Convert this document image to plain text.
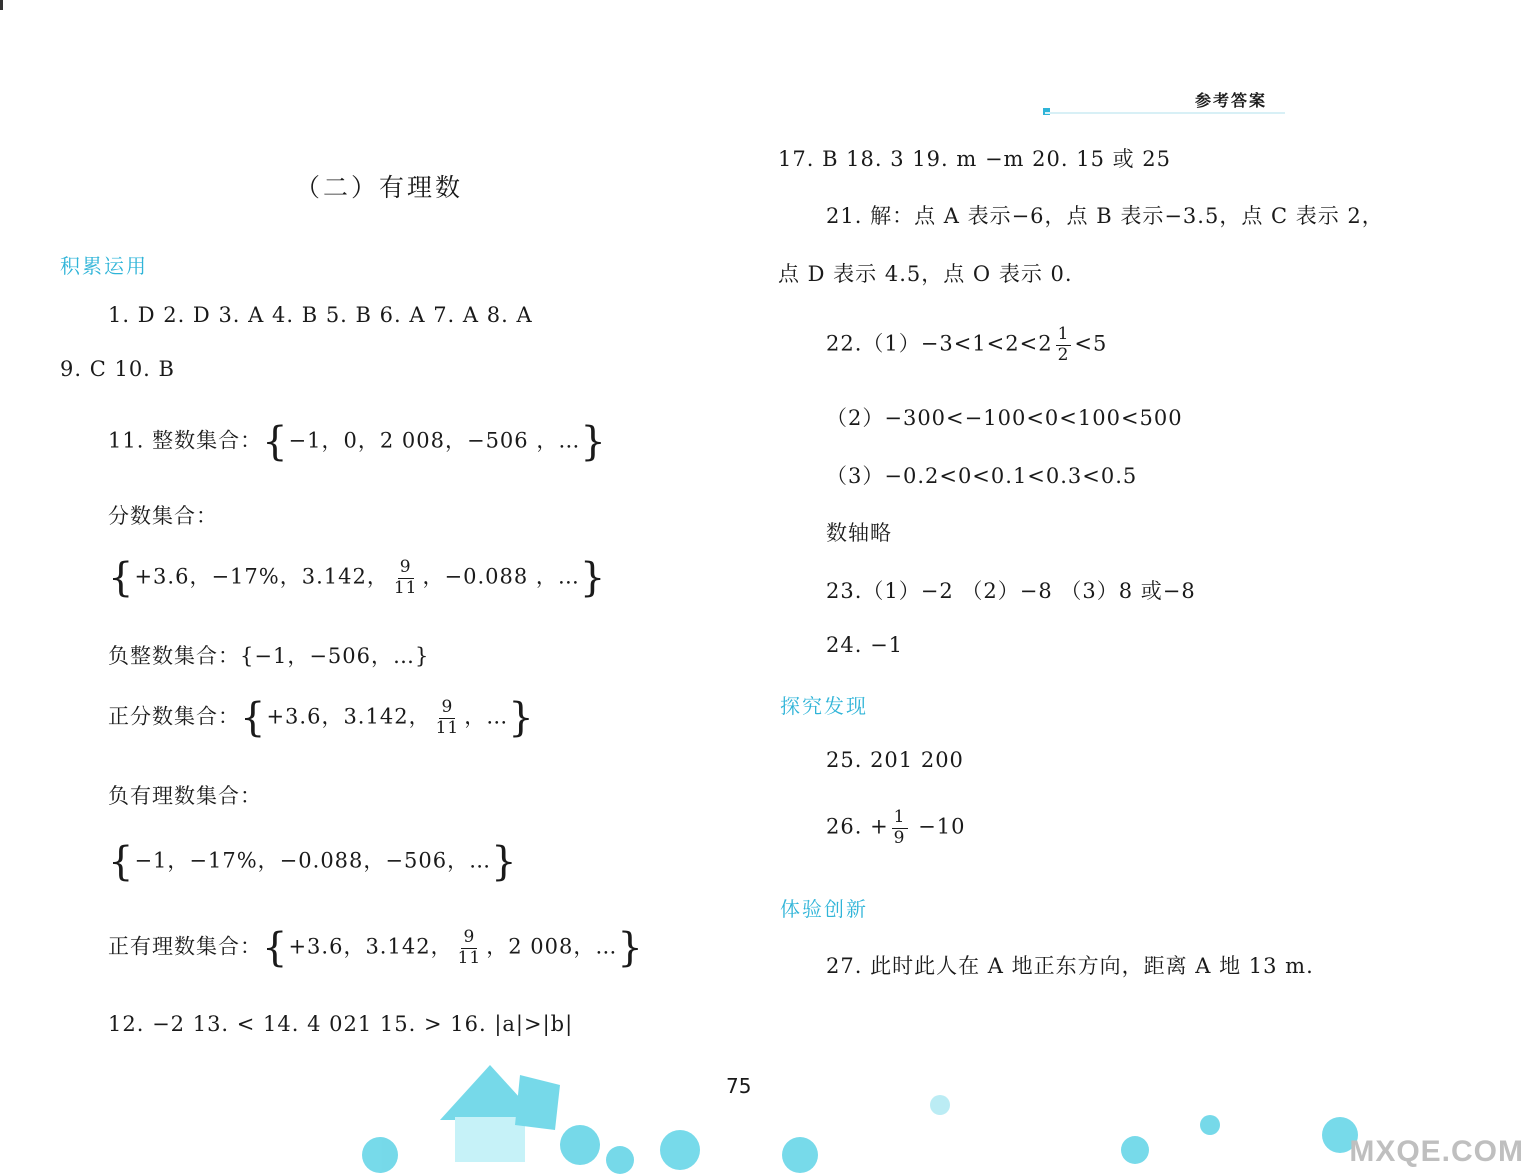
参考答案
（二）有理数
积累运用
1. D 2. D 3. A 4. B 5. B 6. A 7. A 8. A
9. C 10. B
11. 整数集合：{−1，0，2 008，−506 ，…}
分数集合：
{+3.6，−17%，3.142， $\frac{9}{11}$ ，−0.088 ，…}
负整数集合：{−1，−506，…}
正分数集合：{+3.6，3.142， $\frac{9}{11}$ ，…}
负有理数集合：
{−1，−17%，−0.088，−506，…}
正有理数集合：{+3.6，3.142， $\frac{9}{11}$ ，2 008，…}
12. −2 13. < 14. 4 021 15. > 16. |a|>|b|
17. B 18. 3 19. m −m 20. 15 或 25
21. 解：点 A 表示−6，点 B 表示−3.5，点 C 表示 2，
点 D 表示 4.5，点 O 表示 0.
$22.(1)-3<1<2<2 \frac{1}{2} <5$
（2）−300<−100<0<100<500
（3）−0.2<0<0.1<0.3<0.5
数轴略
23.（1）−2 （2）−8 （3）8 或−8
24. −1
探究发现
25. 201 200
26. + $\frac{1}{9} -10$
体验创新
27. 此时此人在 A 地正东方向，距离 A 地 13 m.
75
MXQE.COM
